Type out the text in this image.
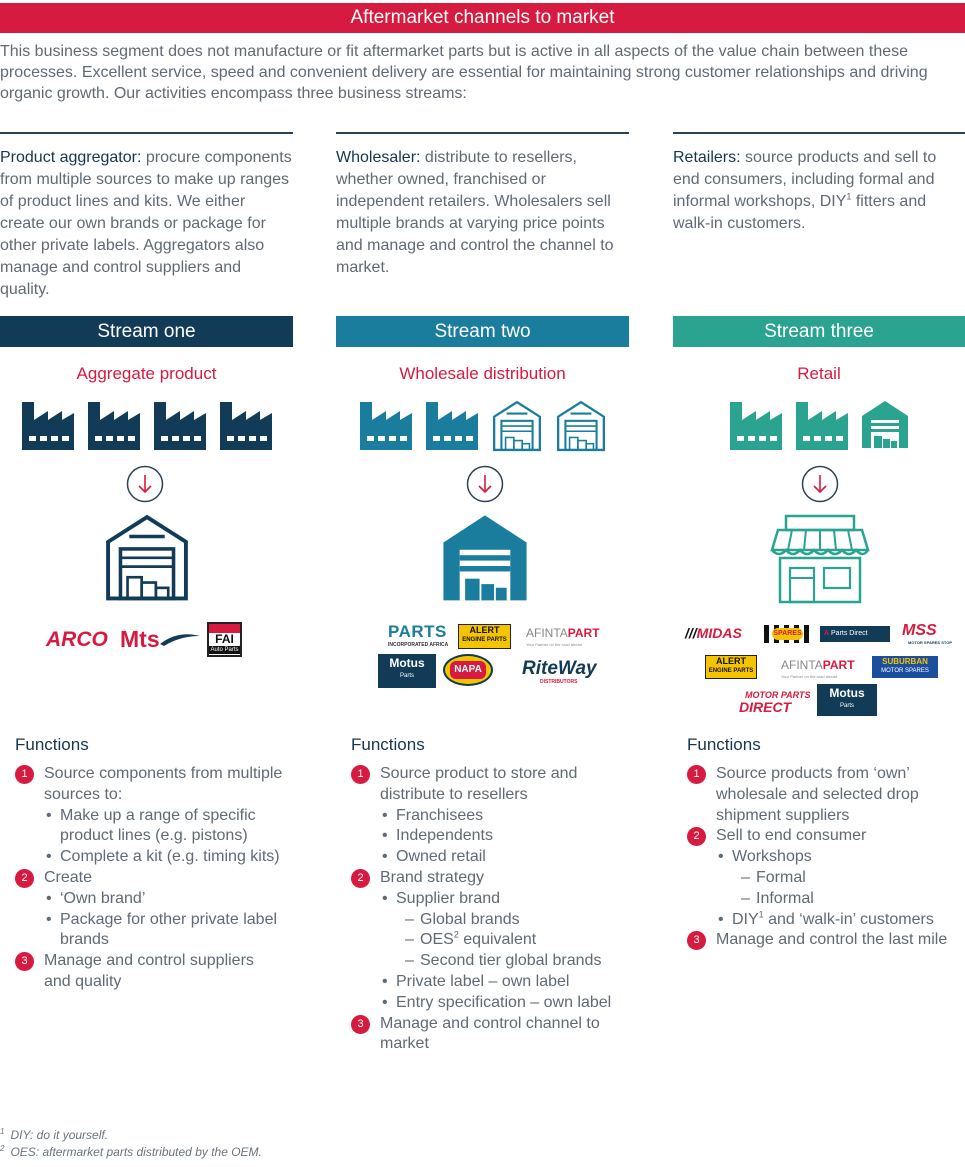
Aftermarket channels to market

This business segment does not manufacture or fit aftermarket parts but is active in all aspects of the value chain between these processes. Excellent service, speed and convenient delivery are essential for maintaining strong customer relationships and driving organic growth. Our activities encompass three business streams:

Product aggregator: procure components from multiple sources to make up ranges of product lines and kits. We either create our own brands or package for other private labels. Aggregators also manage and control suppliers and quality.
Stream one
Aggregate product
ARCO Mts	FAI
Auto Parts
Functions
1	Source components from multiple sources to:
• Make up a range of specific product lines (e.g. pistons)
• Complete a kit (e.g. timing kits)
2	Create
• ‘Own brand’
• Package for other private label brands
3	Manage and control suppliers and quality
Wholesaler: distribute to resellers, whether owned, franchised or independent retailers. Wholesalers sell multiple brands at varying price points and manage and control the channel to market.
Stream two
Wholesale distribution
PARTS
INCORPORATED AFRICA
ALERT
ENGINE PARTS AFINTAPART
Your Partner on the road ahead
Motus
Parts
NAPA RiteWay
DISTRIBUTORS
Functions
1	Source product to store and distribute to resellers
• Franchisees
• Independents
• Owned retail
2	Brand strategy
• Supplier brand
– Global brands
– OES$^2$ equivalent
– Second tier global brands
• Private label – own label
• Entry specification – own label
3	Manage and control channel to market
Retailers: source products and sell to end consumers, including formal and informal workshops, DIY$^1$ fitters and walk-in customers.
Stream three
Retail
///MIDAS	SPARES	A Parts Direct	MSS
MOTOR SPARES STOP
ALERT
ENGINE PARTS AFINTAPART
Your Partner on the road ahead
SUBURBAN
MOTOR SPARES
MOTOR PARTS
DIRECT
Motus
Parts
Functions
1	Source products from ‘own’ wholesale and selected drop shipment suppliers
2	Sell to end consumer
• Workshops
– Formal
– Informal
• DIY$^1$ and ‘walk-in’ customers
3	Manage and control the last mile
$^1$ DIY: do it yourself.
$^2$ OES: aftermarket parts distributed by the OEM.
